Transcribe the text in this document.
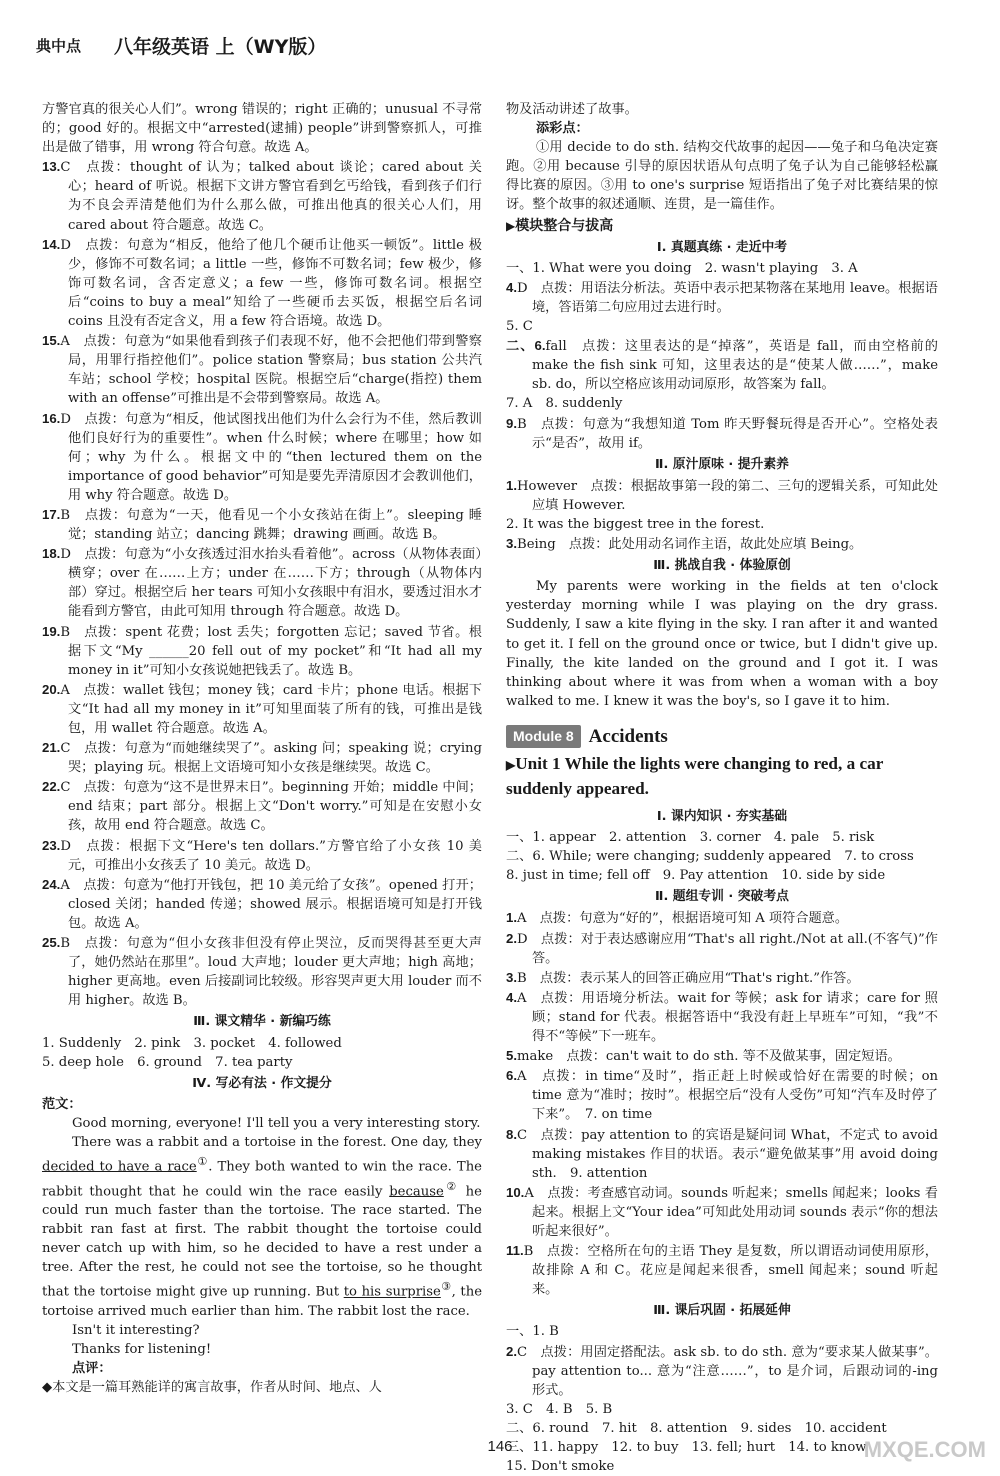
典中点 八年级英语 上（WY版）

方警官真的很关心人们”。wrong 错误的；right 正确的；unusual 不寻常的；good 好的。根据文中“arrested(逮捕) people”讲到警察抓人，可推出是做了错事，用 wrong 符合句意。故选 A。

13.C　点拨：thought of 认为；talked about 谈论；cared about 关心；heard of 听说。根据下文讲方警官看到乞丐给钱，看到孩子们行为不良会弄清楚他们为什么那么做，可推出他真的很关心人们，用 cared about 符合题意。故选 C。

14.D　点拨：句意为“相反，他给了他几个硬币让他买一顿饭”。little 极少，修饰不可数名词；a little 一些，修饰不可数名词；few 极少，修饰可数名词，含否定意义；a few 一些，修饰可数名词。根据空后“coins to buy a meal”知给了一些硬币去买饭，根据空后名词 coins 且没有否定含义，用 a few 符合语境。故选 D。

15.A　点拨：句意为“如果他看到孩子们表现不好，他不会把他们带到警察局，用罪行指控他们”。police station 警察局；bus station 公共汽车站；school 学校；hospital 医院。根据空后“charge(指控) them with an offense”可推出是不会带到警察局。故选 A。

16.D　点拨：句意为“相反，他试图找出他们为什么会行为不佳，然后教训他们良好行为的重要性”。when 什么时候；where 在哪里；how 如何；why 为什么。根据文中的“then lectured them on the importance of good behavior”可知是要先弄清原因才会教训他们，用 why 符合题意。故选 D。

17.B　点拨：句意为“一天，他看见一个小女孩站在街上”。sleeping 睡觉；standing 站立；dancing 跳舞；drawing 画画。故选 B。

18.D　点拨：句意为“小女孩透过泪水抬头看着他”。across（从物体表面）横穿；over 在……上方；under 在……下方；through（从物体内部）穿过。根据空后 her tears 可知小女孩眼中有泪水，要透过泪水才能看到方警官，由此可知用 through 符合题意。故选 D。

19.B　点拨：spent 花费；lost 丢失；forgotten 忘记；saved 节省。根据下文“My ______20 fell out of my pocket”和“It had all my money in it”可知小女孩说她把钱丢了。故选 B。

20.A　点拨：wallet 钱包；money 钱；card 卡片；phone 电话。根据下文“It had all my money in it”可知里面装了所有的钱，可推出是钱包，用 wallet 符合题意。故选 A。

21.C　点拨：句意为“而她继续哭了”。asking 问；speaking 说；crying 哭；playing 玩。根据上文语境可知小女孩是继续哭。故选 C。

22.C　点拨：句意为“这不是世界末日”。beginning 开始；middle 中间；end 结束；part 部分。根据上文“Don't worry.”可知是在安慰小女孩，故用 end 符合题意。故选 C。

23.D　点拨：根据下文“Here's ten dollars.”方警官给了小女孩 10 美元，可推出小女孩丢了 10 美元。故选 D。

24.A　点拨：句意为“他打开钱包，把 10 美元给了女孩”。opened 打开；closed 关闭；handed 传递；showed 展示。根据语境可知是打开钱包。故选 A。

25.B　点拨：句意为“但小女孩非但没有停止哭泣，反而哭得甚至更大声了，她仍然站在那里”。loud 大声地；louder 更大声地；high 高地；higher 更高地。even 后接副词比较级。形容哭声更大用 louder 而不用 higher。故选 B。

Ⅲ. 课文精华 · 新编巧练

1. Suddenly　2. pink　3. pocket　4. followed

5. deep hole　6. ground　7. tea party

Ⅳ. 写必有法 · 作文提分

范文：

Good morning, everyone! I'll tell you a very interesting story.

There was a rabbit and a tortoise in the forest. One day, they decided to have a race①. They both wanted to win the race. The rabbit thought that he could win the race easily because② he could run much faster than the tortoise. The race started. The rabbit ran fast at first. The rabbit thought the tortoise could never catch up with him, so he decided to have a rest under a tree. After the rest, he could not see the tortoise, so he thought that the tortoise might give up running. But to his surprise③, the tortoise arrived much earlier than him. The rabbit lost the race.

Isn't it interesting?

Thanks for listening!

点评：

◆本文是一篇耳熟能详的寓言故事，作者从时间、地点、人

物及活动讲述了故事。

添彩点：

①用 decide to do sth. 结构交代故事的起因——兔子和乌龟决定赛跑。②用 because 引导的原因状语从句点明了兔子认为自己能够轻松赢得比赛的原因。③用 to one's surprise 短语指出了兔子对比赛结果的惊讶。整个故事的叙述通顺、连贯，是一篇佳作。

▶模块整合与拔高

Ⅰ. 真题真练 · 走近中考

一、1. What were you doing　2. wasn't playing　3. A

4.D　点拨：用语法分析法。英语中表示把某物落在某地用 leave。根据语境，答语第二句应用过去进行时。

5. C

二、6.fall　点拨：这里表达的是“掉落”，英语是 fall，而由空格前的 make the fish sink 可知，这里表达的是“使某人做……”，make sb. do，所以空格应该用动词原形，故答案为 fall。

7. A　8. suddenly

9.B　点拨：句意为“我想知道 Tom 昨天野餐玩得是否开心”。空格处表示“是否”，故用 if。

Ⅱ. 原汁原味 · 提升素养

1.However　点拨：根据故事第一段的第二、三句的逻辑关系，可知此处应填 However.

2. It was the biggest tree in the forest.

3.Being　点拨：此处用动名词作主语，故此处应填 Being。

Ⅲ. 挑战自我 · 体验原创

My parents were working in the fields at ten o'clock yesterday morning while I was playing on the dry grass. Suddenly, I saw a kite flying in the sky. I ran after it and wanted to get it. I fell on the ground once or twice, but I didn't give up. Finally, the kite landed on the ground and I got it. I was thinking about where it was from when a woman with a boy walked to me. I knew it was the boy's, so I gave it to him.

Module 8 Accidents

▶Unit 1 While the lights were changing to red, a car suddenly appeared.

Ⅰ. 课内知识 · 夯实基础

一、1. appear　2. attention　3. corner　4. pale　5. risk

二、6. While; were changing; suddenly appeared　7. to cross

8. just in time; fell off　9. Pay attention　10. side by side

Ⅱ. 题组专训 · 突破考点

1.A　点拨：句意为“好的”，根据语境可知 A 项符合题意。

2.D　点拨：对于表达感谢应用“That's all right./Not at all.(不客气)”作答。

3.B　点拨：表示某人的回答正确应用“That's right.”作答。

4.A　点拨：用语境分析法。wait for 等候；ask for 请求；care for 照顾；stand for 代表。根据答语中“我没有赶上早班车”可知，“我”不得不“等候”下一班车。

5.make　点拨：can't wait to do sth. 等不及做某事，固定短语。

6.A　点拨：in time“及时”，指正赶上时候或恰好在需要的时候；on time 意为“准时；按时”。根据空后“没有人受伤”可知“汽车及时停了下来”。　7. on time

8.C　点拨：pay attention to 的宾语是疑问词 What，不定式 to avoid making mistakes 作目的状语。表示“避免做某事”用 avoid doing sth.　9. attention

10.A　点拨：考查感官动词。sounds 听起来；smells 闻起来；looks 看起来。根据上文“Your idea”可知此处用动词 sounds 表示“你的想法听起来很好”。

11.B　点拨：空格所在句的主语 They 是复数，所以谓语动词使用原形，故排除 A 和 C。花应是闻起来很香，smell 闻起来；sound 听起来。

Ⅲ. 课后巩固 · 拓展延伸

一、1. B

2.C　点拨：用固定搭配法。ask sb. to do sth. 意为“要求某人做某事”。pay attention to... 意为“注意……”，to 是介词，后跟动词的-ing 形式。

3. C　4. B　5. B

二、6. round　7. hit　8. attention　9. sides　10. accident

三、11. happy　12. to buy　13. fell; hurt　14. to know

15. Don't smoke

146	MXQE.COM
